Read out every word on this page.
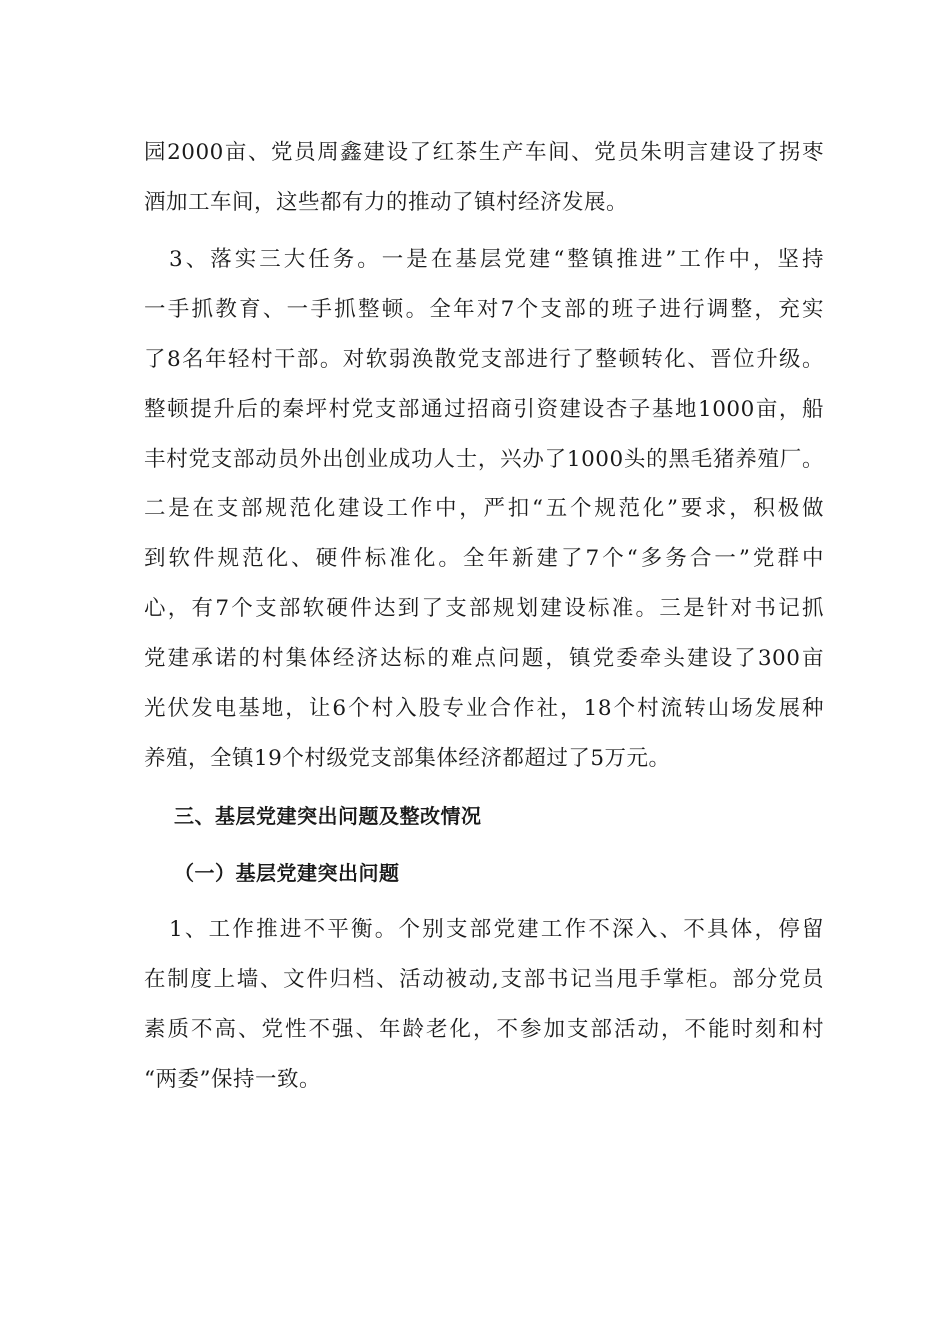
园2000亩、党员周鑫建设了红茶生产车间、党员朱明言建设了拐枣
酒加工车间，这些都有力的推动了镇村经济发展。
3、落实三大任务。一是在基层党建“整镇推进”工作中，坚持
一手抓教育、一手抓整顿。全年对7个支部的班子进行调整，充实
了8名年轻村干部。对软弱涣散党支部进行了整顿转化、晋位升级。
整顿提升后的秦坪村党支部通过招商引资建设杏子基地1000亩，船
丰村党支部动员外出创业成功人士，兴办了1000头的黑毛猪养殖厂。
二是在支部规范化建设工作中，严扣“五个规范化”要求，积极做
到软件规范化、硬件标准化。全年新建了7个“多务合一”党群中
心，有7个支部软硬件达到了支部规划建设标准。三是针对书记抓
党建承诺的村集体经济达标的难点问题，镇党委牵头建设了300亩
光伏发电基地，让6个村入股专业合作社，18个村流转山场发展种
养殖，全镇19个村级党支部集体经济都超过了5万元。
三、基层党建突出问题及整改情况
（一）基层党建突出问题
1、工作推进不平衡。个别支部党建工作不深入、不具体，停留
在制度上墙、文件归档、活动被动,支部书记当甩手掌柜。部分党员
素质不高、党性不强、年龄老化，不参加支部活动，不能时刻和村
“两委”保持一致。
